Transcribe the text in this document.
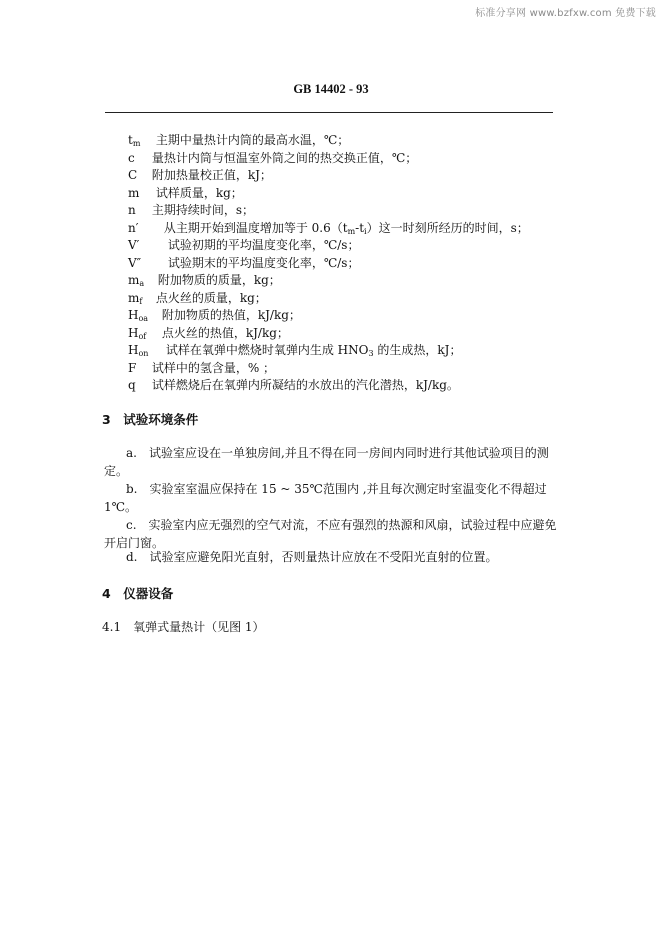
标准分享网 www.bzfxw.com 免费下载
GB 14402 - 93
$t_m$ 主期中量热计内筒的最高水温，℃；
c 量热计内筒与恒温室外筒之间的热交换正值，℃；
C 附加热量校正值，kJ；
m 试样质量，kg；
n 主期持续时间，s；
n′ 从主期开始到温度增加等于 $0.6(t_m-t_i)$这一时刻所经历的时间，s；
V′ 试验初期的平均温度变化率，℃/s；
V″ 试验期末的平均温度变化率，℃/s；
$m_a$ 附加物质的质量，kg；
$m_f$ 点火丝的质量，kg；
$H_{oa}$ 附加物质的热值，kJ/kg；
$H_{of}$ 点火丝的热值，kJ/kg；
$H_{on}$ 试样在氧弹中燃烧时氧弹内生成 $HNO_3$ 的生成热，kJ；
F 试样中的氢含量，% ；
q 试样燃烧后在氧弹内所凝结的水放出的汽化潜热，kJ/kg。
3　试验环境条件
a.　试验室应设在一单独房间,并且不得在同一房间内同时进行其他试验项目的测定。
b.　实验室室温应保持在 15 ~ 35℃范围内 ,并且每次测定时室温变化不得超过 1℃。
c.　实验室内应无强烈的空气对流，不应有强烈的热源和风扇，试验过程中应避免开启门窗。
d.　试验室应避免阳光直射，否则量热计应放在不受阳光直射的位置。
4　仪器设备
4.1　氧弹式量热计（见图 1）
